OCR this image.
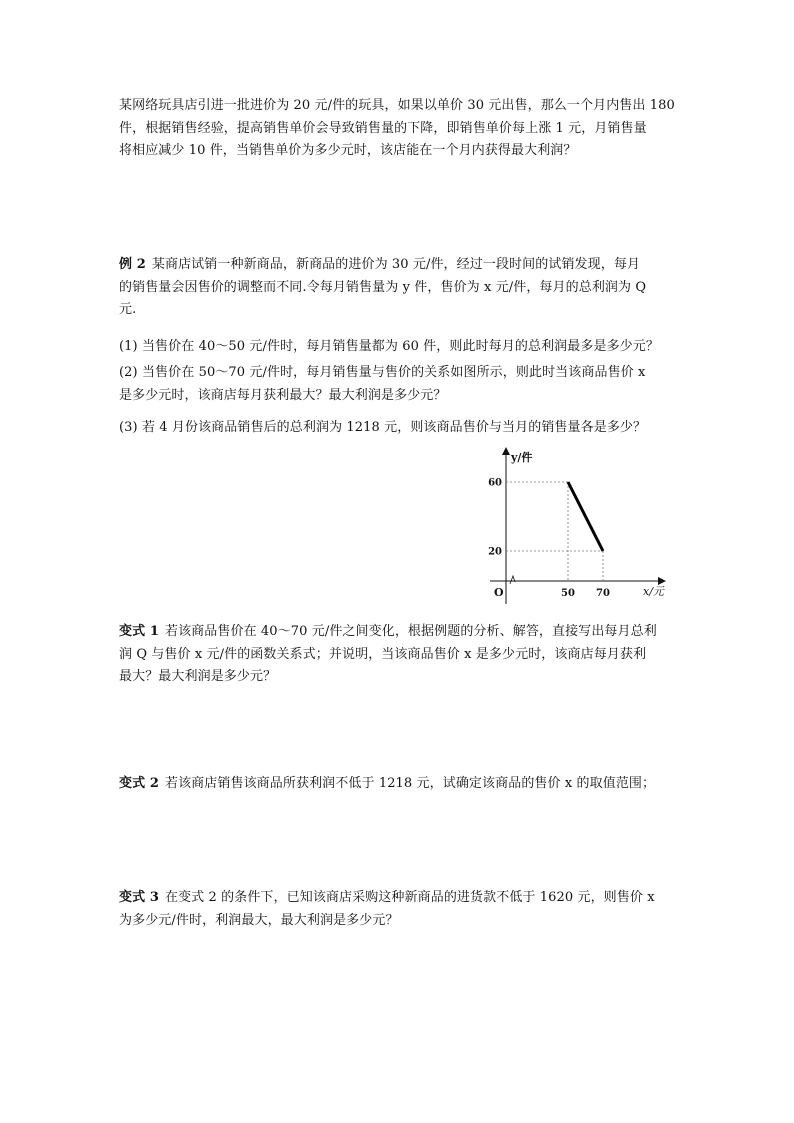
某网络玩具店引进一批进价为 20 元/件的玩具，如果以单价 30 元出售，那么一个月内售出 180
件，根据销售经验，提高销售单价会导致销售量的下降，即销售单价每上涨 1 元，月销售量
将相应减少 10 件，当销售单价为多少元时，该店能在一个月内获得最大利润？

例 2 某商店试销一种新商品，新商品的进价为 30 元/件，经过一段时间的试销发现，每月
的销售量会因售价的调整而不同.令每月销售量为 y 件，售价为 x 元/件，每月的总利润为 Q
元.

(1) 当售价在 40～50 元/件时，每月销售量都为 60 件，则此时每月的总利润最多是多少元？

(2) 当售价在 50～70 元/件时，每月销售量与售价的关系如图所示，则此时当该商品售价 x
是多少元时，该商店每月获利最大？最大利润是多少元？

(3) 若 4 月份该商品销售后的总利润为 1218 元，则该商品售价与当月的销售量各是多少？

y/件
x/元
O
60
20
50 70

变式 1 若该商品售价在 40～70 元/件之间变化，根据例题的分析、解答，直接写出每月总利
润 Q 与售价 x 元/件的函数关系式；并说明，当该商品售价 x 是多少元时，该商店每月获利
最大？最大利润是多少元？

变式 2 若该商店销售该商品所获利润不低于 1218 元，试确定该商品的售价 x 的取值范围；

变式 3 在变式 2 的条件下，已知该商店采购这种新商品的进货款不低于 1620 元，则售价 x
为多少元/件时，利润最大，最大利润是多少元？
